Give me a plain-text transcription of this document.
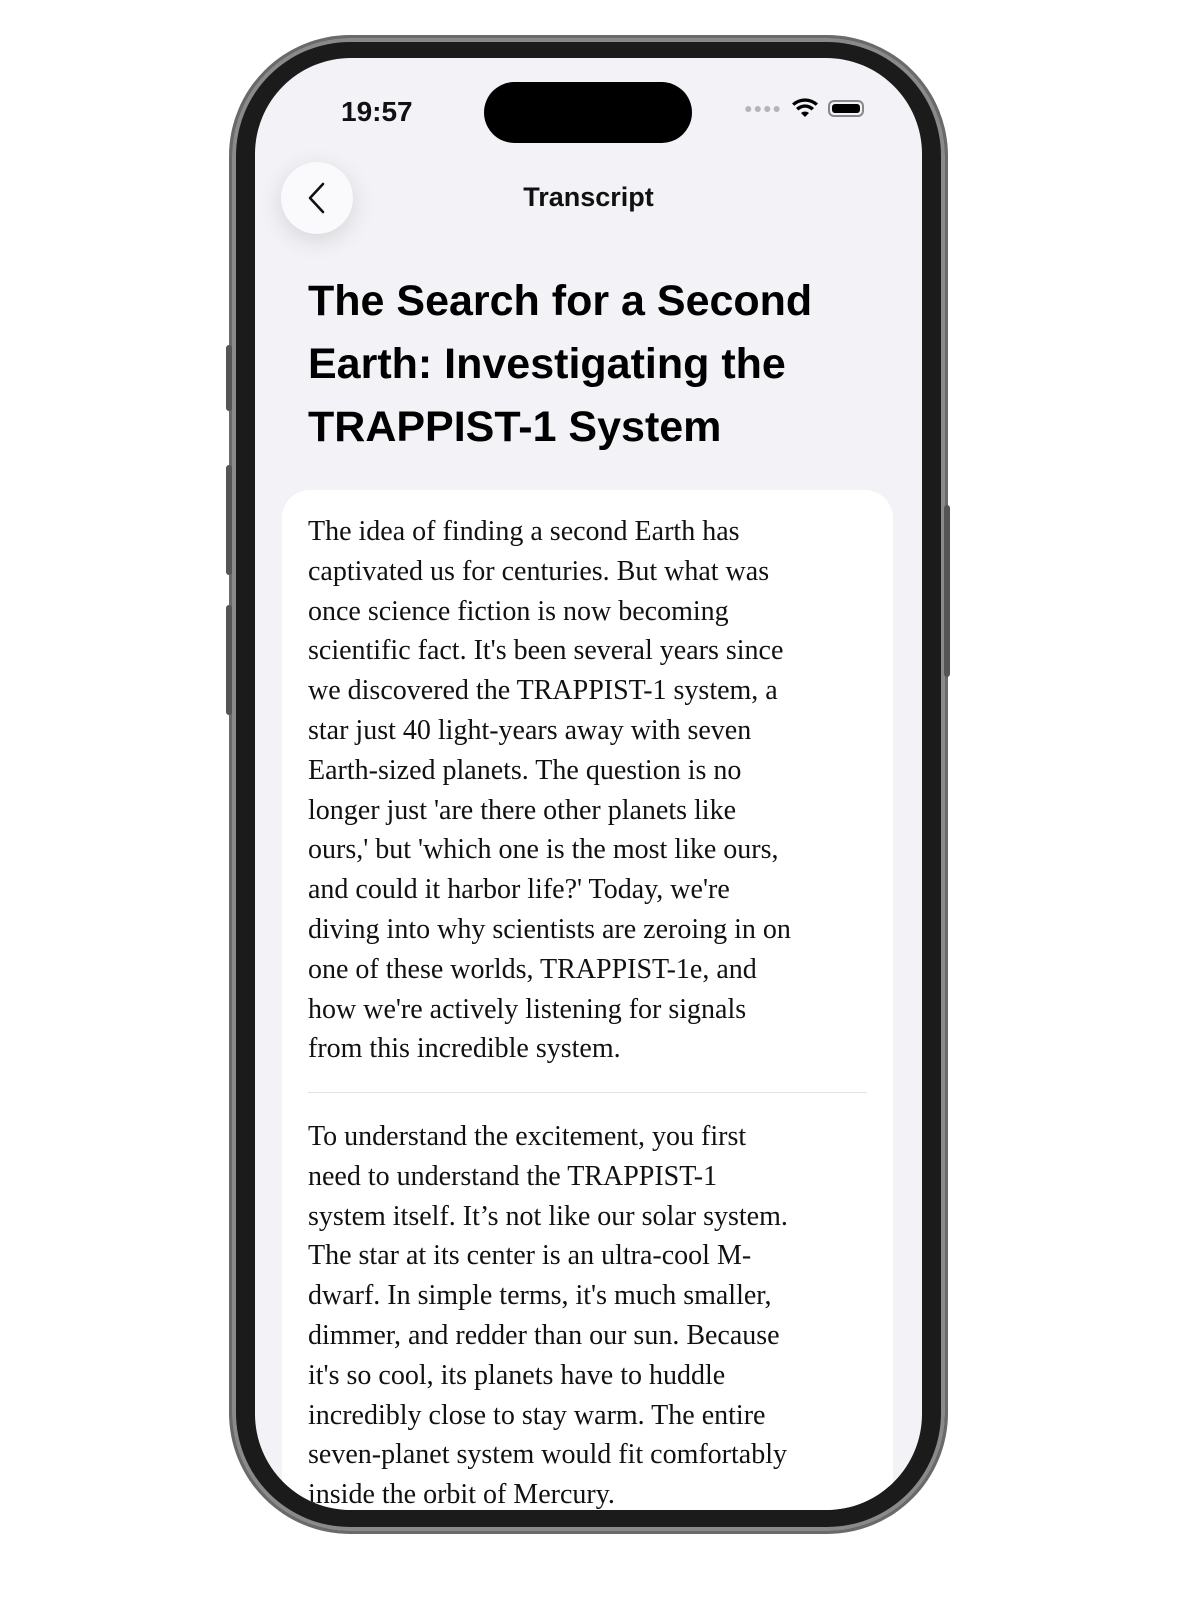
19:57	●●●●
Transcript
The Search for a Second
Earth: Investigating the
TRAPPIST-1 System
The idea of finding a second Earth has
captivated us for centuries. But what was
once science fiction is now becoming
scientific fact. It's been several years since
we discovered the TRAPPIST-1 system, a
star just 40 light-years away with seven
Earth-sized planets. The question is no
longer just 'are there other planets like
ours,' but 'which one is the most like ours,
and could it harbor life?' Today, we're
diving into why scientists are zeroing in on
one of these worlds, TRAPPIST-1e, and
how we're actively listening for signals
from this incredible system.
To understand the excitement, you first
need to understand the TRAPPIST-1
system itself. It’s not like our solar system.
The star at its center is an ultra-cool M-
dwarf. In simple terms, it's much smaller,
dimmer, and redder than our sun. Because
it's so cool, its planets have to huddle
incredibly close to stay warm. The entire
seven-planet system would fit comfortably
inside the orbit of Mercury.
